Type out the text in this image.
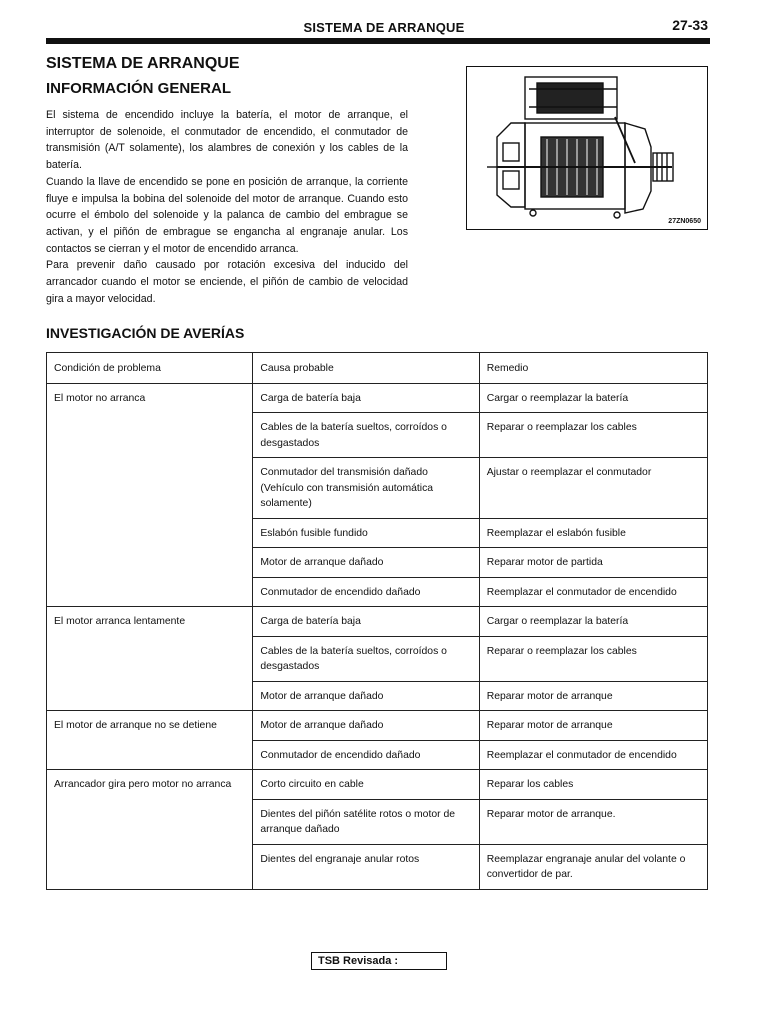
SISTEMA DE ARRANQUE	27-33
SISTEMA DE ARRANQUE
INFORMACIÓN GENERAL

El sistema de encendido incluye la batería, el motor de arranque, el interruptor de solenoide, el conmutador de encendido, el conmutador de transmisión (A/T solamente), los alambres de conexión y los cables de la batería.

Cuando la llave de encendido se pone en posición de arranque, la corriente fluye e impulsa la bobina del solenoide del motor de arranque. Cuando esto ocurre el émbolo del solenoide y la palanca de cambio del embrague se activan, y el piñón de embrague se engancha al engranaje anular. Los contactos se cierran y el motor de encendido arranca.

Para prevenir daño causado por rotación excesiva del inducido del arrancador cuando el motor se enciende, el piñón de cambio de velocidad gira a mayor velocidad.

27ZN0650
INVESTIGACIÓN DE AVERÍAS
Condición de problema	Causa probable	Remedio
El motor no arranca	Carga de batería baja	Cargar o reemplazar la batería
	Cables de la batería sueltos, corroídos o desgastados	Reparar o reemplazar los cables
	Conmutador del transmisión dañado (Vehículo con transmisión automática solamente)	Ajustar o reemplazar el conmutador
	Eslabón fusible fundido	Reemplazar el eslabón fusible
	Motor de arranque dañado	Reparar motor de partida
	Conmutador de encendido dañado	Reemplazar el conmutador de encendido
El motor arranca lentamente	Carga de batería baja	Cargar o reemplazar la batería
	Cables de la batería sueltos, corroídos o desgastados	Reparar o reemplazar los cables
	Motor de arranque dañado	Reparar motor de arranque
El motor de arranque no se detiene	Motor de arranque dañado	Reparar motor de arranque
	Conmutador de encendido dañado	Reemplazar el conmutador de encendido
Arrancador gira pero motor no arranca	Corto circuito en cable	Reparar los cables
	Dientes del piñón satélite rotos o motor de arranque dañado	Reparar motor de arranque.
	Dientes del engranaje anular rotos	Reemplazar engranaje anular del volante o convertidor de par.
TSB Revisada :
